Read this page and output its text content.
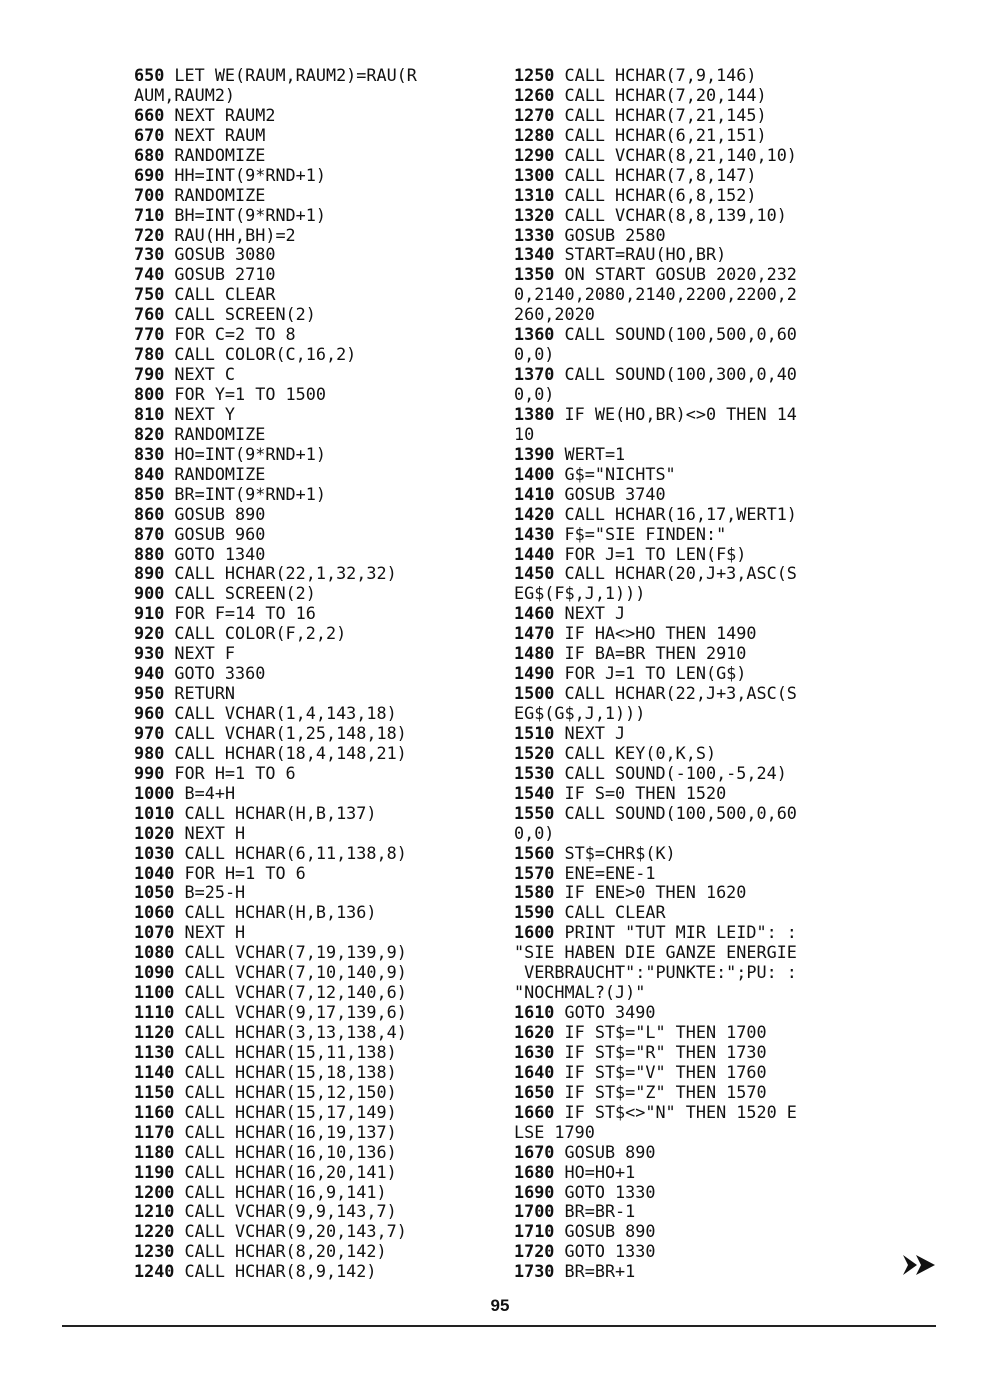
650 LET WE(RAUM,RAUM2)=RAU(R
AUM,RAUM2)
660 NEXT RAUM2
670 NEXT RAUM
680 RANDOMIZE
690 HH=INT(9*RND+1)
700 RANDOMIZE
710 BH=INT(9*RND+1)
720 RAU(HH,BH)=2
730 GOSUB 3080
740 GOSUB 2710
750 CALL CLEAR
760 CALL SCREEN(2)
770 FOR C=2 TO 8
780 CALL COLOR(C,16,2)
790 NEXT C
800 FOR Y=1 TO 1500
810 NEXT Y
820 RANDOMIZE
830 HO=INT(9*RND+1)
840 RANDOMIZE
850 BR=INT(9*RND+1)
860 GOSUB 890
870 GOSUB 960
880 GOTO 1340
890 CALL HCHAR(22,1,32,32)
900 CALL SCREEN(2)
910 FOR F=14 TO 16
920 CALL COLOR(F,2,2)
930 NEXT F
940 GOTO 3360
950 RETURN
960 CALL VCHAR(1,4,143,18)
970 CALL VCHAR(1,25,148,18)
980 CALL HCHAR(18,4,148,21)
990 FOR H=1 TO 6
1000 B=4+H
1010 CALL HCHAR(H,B,137)
1020 NEXT H
1030 CALL HCHAR(6,11,138,8)
1040 FOR H=1 TO 6
1050 B=25-H
1060 CALL HCHAR(H,B,136)
1070 NEXT H
1080 CALL VCHAR(7,19,139,9)
1090 CALL VCHAR(7,10,140,9)
1100 CALL VCHAR(7,12,140,6)
1110 CALL VCHAR(9,17,139,6)
1120 CALL HCHAR(3,13,138,4)
1130 CALL HCHAR(15,11,138)
1140 CALL HCHAR(15,18,138)
1150 CALL HCHAR(15,12,150)
1160 CALL HCHAR(15,17,149)
1170 CALL HCHAR(16,19,137)
1180 CALL HCHAR(16,10,136)
1190 CALL HCHAR(16,20,141)
1200 CALL HCHAR(16,9,141)
1210 CALL VCHAR(9,9,143,7)
1220 CALL VCHAR(9,20,143,7)
1230 CALL HCHAR(8,20,142)
1240 CALL HCHAR(8,9,142)
1250 CALL HCHAR(7,9,146)
1260 CALL HCHAR(7,20,144)
1270 CALL HCHAR(7,21,145)
1280 CALL HCHAR(6,21,151)
1290 CALL VCHAR(8,21,140,10)
1300 CALL HCHAR(7,8,147)
1310 CALL HCHAR(6,8,152)
1320 CALL VCHAR(8,8,139,10)
1330 GOSUB 2580
1340 START=RAU(HO,BR)
1350 ON START GOSUB 2020,232
0,2140,2080,2140,2200,2200,2
260,2020
1360 CALL SOUND(100,500,0,60
0,0)
1370 CALL SOUND(100,300,0,40
0,0)
1380 IF WE(HO,BR)<>0 THEN 14
10
1390 WERT=1
1400 G$="NICHTS"
1410 GOSUB 3740
1420 CALL HCHAR(16,17,WERT1)
1430 F$="SIE FINDEN:"
1440 FOR J=1 TO LEN(F$)
1450 CALL HCHAR(20,J+3,ASC(S
EG$(F$,J,1)))
1460 NEXT J
1470 IF HA<>HO THEN 1490
1480 IF BA=BR THEN 2910
1490 FOR J=1 TO LEN(G$)
1500 CALL HCHAR(22,J+3,ASC(S
EG$(G$,J,1)))
1510 NEXT J
1520 CALL KEY(0,K,S)
1530 CALL SOUND(-100,-5,24)
1540 IF S=0 THEN 1520
1550 CALL SOUND(100,500,0,60
0,0)
1560 ST$=CHR$(K)
1570 ENE=ENE-1
1580 IF ENE>0 THEN 1620
1590 CALL CLEAR
1600 PRINT "TUT MIR LEID": :
"SIE HABEN DIE GANZE ENERGIE
VERBRAUCHT":"PUNKTE:";PU: :
"NOCHMAL?(J)"
1610 GOTO 3490
1620 IF ST$="L" THEN 1700
1630 IF ST$="R" THEN 1730
1640 IF ST$="V" THEN 1760
1650 IF ST$="Z" THEN 1570
1660 IF ST$<>"N" THEN 1520 E
LSE 1790
1670 GOSUB 890
1680 HO=HO+1
1690 GOTO 1330
1700 BR=BR-1
1710 GOSUB 890
1720 GOTO 1330
1730 BR=BR+1
95
